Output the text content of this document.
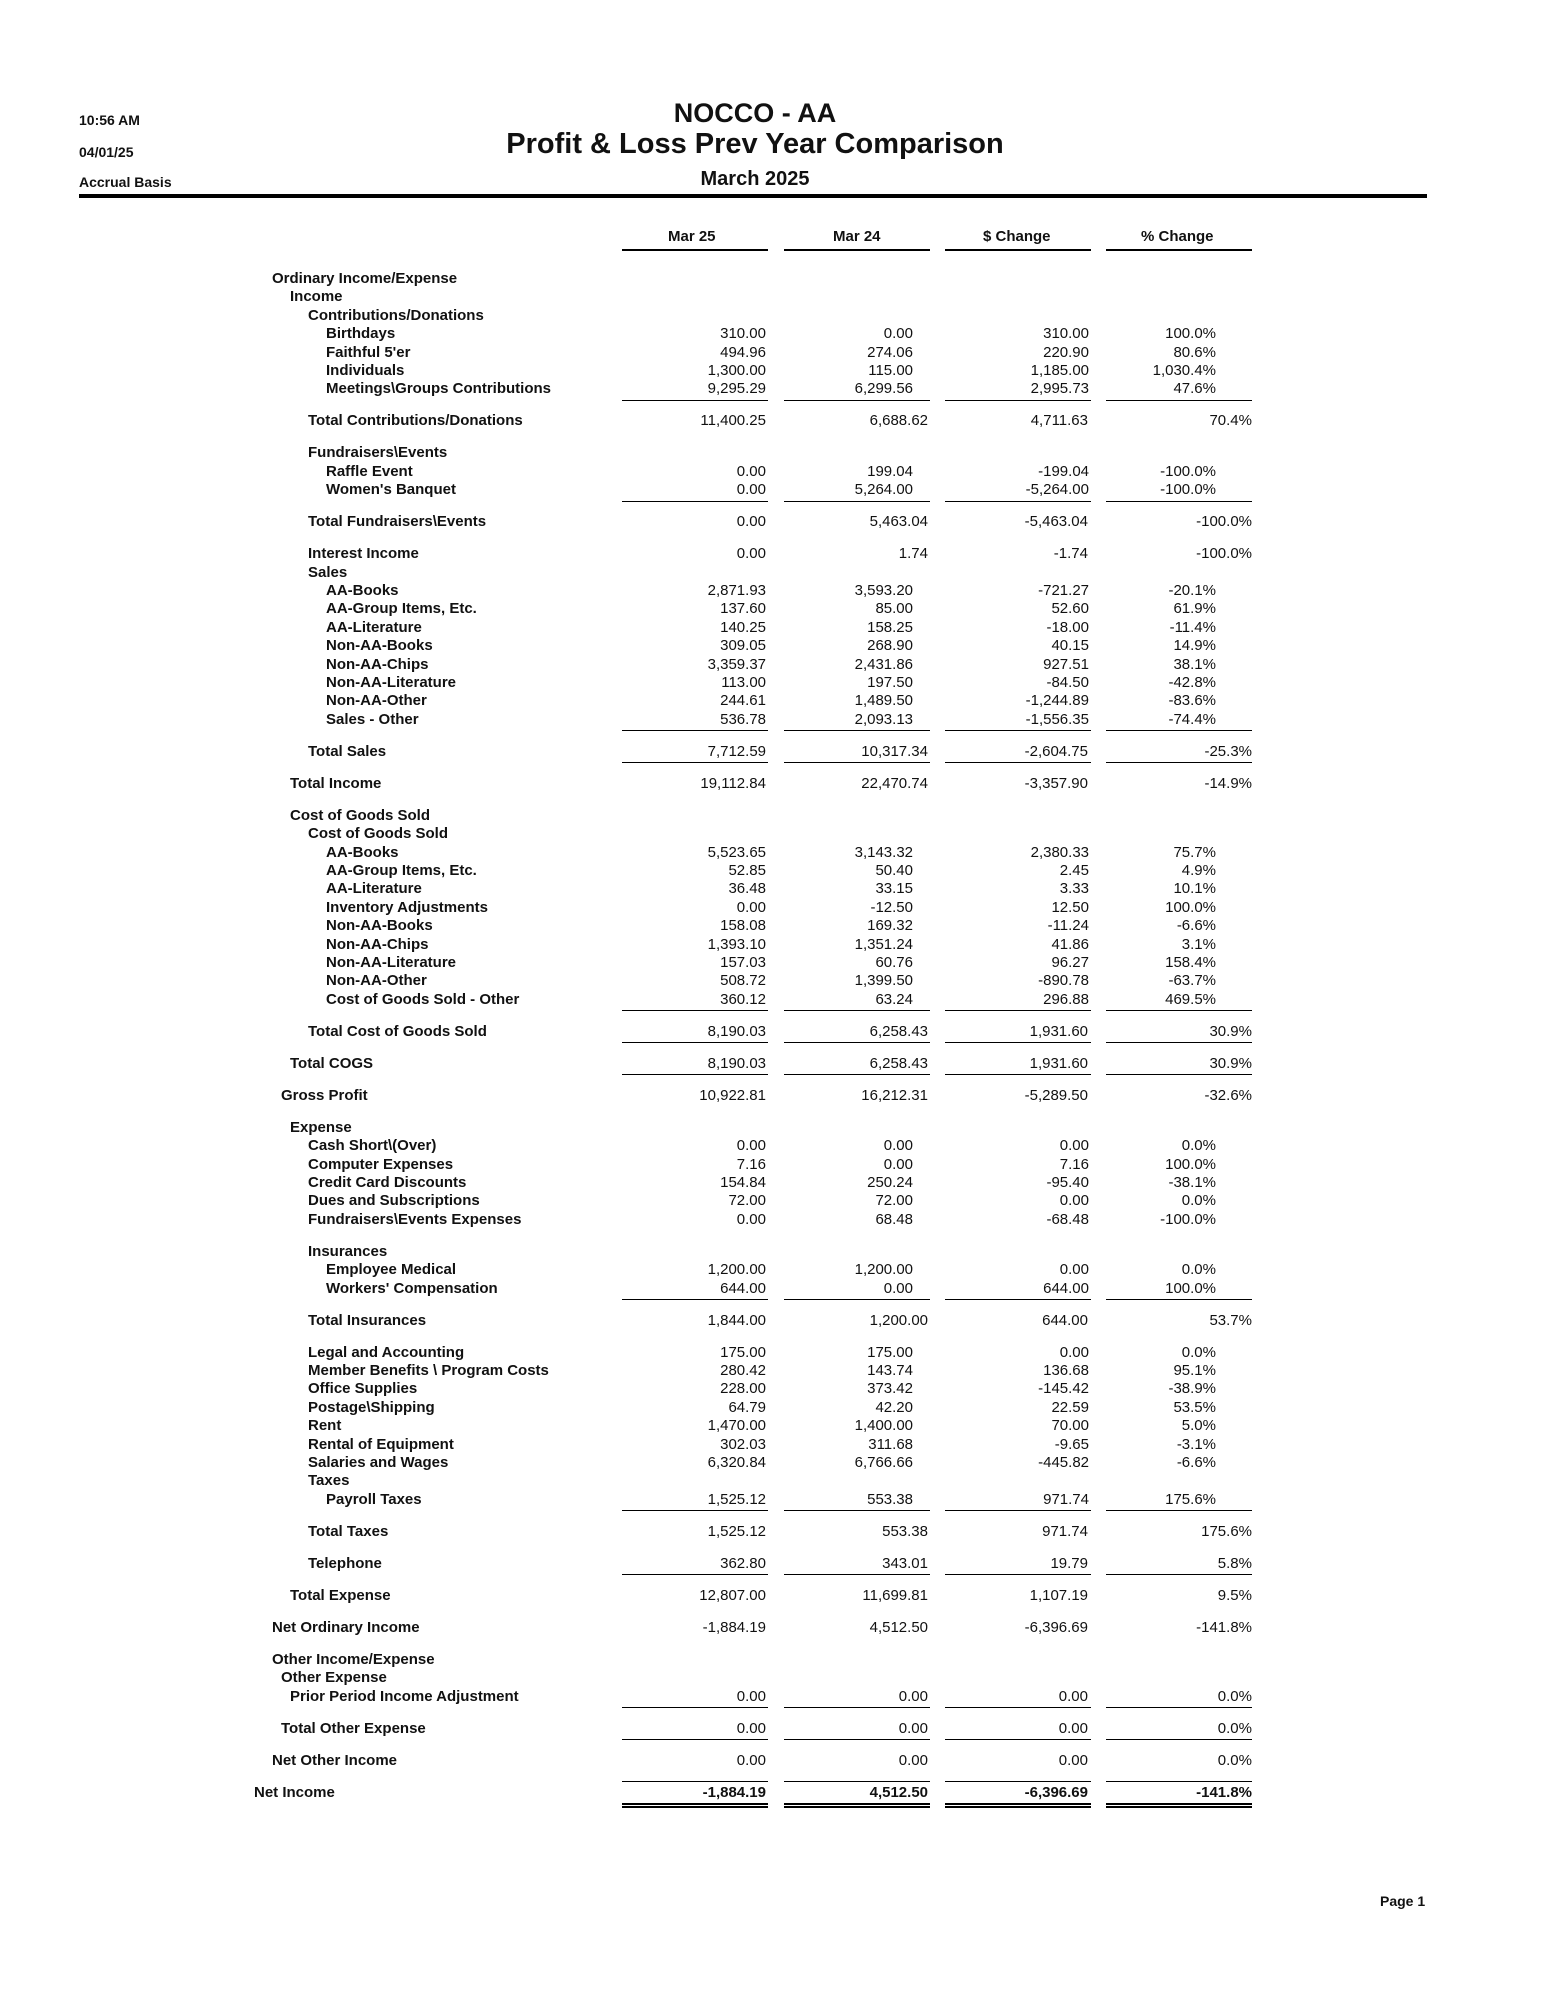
10:56 AM
04/01/25
Accrual Basis
NOCCO - AA
Profit & Loss Prev Year Comparison
March 2025
Mar 25	Mar 24	$ Change	% Change
Ordinary Income/Expense
Income
Contributions/Donations
Birthdays	310.00	0.00	310.00	100.0%
Faithful 5'er	494.96	274.06	220.90	80.6%
Individuals	1,300.00	115.00	1,185.00	1,030.4%
Meetings\Groups Contributions	9,295.29	6,299.56	2,995.73	47.6%
Total Contributions/Donations	11,400.25	6,688.62	4,711.63	70.4%
Fundraisers\Events
Raffle Event	0.00	199.04	-199.04	-100.0%
Women's Banquet	0.00	5,264.00	-5,264.00	-100.0%
Total Fundraisers\Events	0.00	5,463.04	-5,463.04	-100.0%
Interest Income	0.00	1.74	-1.74	-100.0%
Sales
AA-Books	2,871.93	3,593.20	-721.27	-20.1%
AA-Group Items, Etc.	137.60	85.00	52.60	61.9%
AA-Literature	140.25	158.25	-18.00	-11.4%
Non-AA-Books	309.05	268.90	40.15	14.9%
Non-AA-Chips	3,359.37	2,431.86	927.51	38.1%
Non-AA-Literature	113.00	197.50	-84.50	-42.8%
Non-AA-Other	244.61	1,489.50	-1,244.89	-83.6%
Sales - Other	536.78	2,093.13	-1,556.35	-74.4%
Total Sales	7,712.59	10,317.34	-2,604.75	-25.3%
Total Income	19,112.84	22,470.74	-3,357.90	-14.9%
Cost of Goods Sold
Cost of Goods Sold
AA-Books	5,523.65	3,143.32	2,380.33	75.7%
AA-Group Items, Etc.	52.85	50.40	2.45	4.9%
AA-Literature	36.48	33.15	3.33	10.1%
Inventory Adjustments	0.00	-12.50	12.50	100.0%
Non-AA-Books	158.08	169.32	-11.24	-6.6%
Non-AA-Chips	1,393.10	1,351.24	41.86	3.1%
Non-AA-Literature	157.03	60.76	96.27	158.4%
Non-AA-Other	508.72	1,399.50	-890.78	-63.7%
Cost of Goods Sold - Other	360.12	63.24	296.88	469.5%
Total Cost of Goods Sold	8,190.03	6,258.43	1,931.60	30.9%
Total COGS	8,190.03	6,258.43	1,931.60	30.9%
Gross Profit	10,922.81	16,212.31	-5,289.50	-32.6%
Expense
Cash Short\(Over)	0.00	0.00	0.00	0.0%
Computer Expenses	7.16	0.00	7.16	100.0%
Credit Card Discounts	154.84	250.24	-95.40	-38.1%
Dues and Subscriptions	72.00	72.00	0.00	0.0%
Fundraisers\Events Expenses	0.00	68.48	-68.48	-100.0%
Insurances
Employee Medical	1,200.00	1,200.00	0.00	0.0%
Workers' Compensation	644.00	0.00	644.00	100.0%
Total Insurances	1,844.00	1,200.00	644.00	53.7%
Legal and Accounting	175.00	175.00	0.00	0.0%
Member Benefits \ Program Costs	280.42	143.74	136.68	95.1%
Office Supplies	228.00	373.42	-145.42	-38.9%
Postage\Shipping	64.79	42.20	22.59	53.5%
Rent	1,470.00	1,400.00	70.00	5.0%
Rental of Equipment	302.03	311.68	-9.65	-3.1%
Salaries and Wages	6,320.84	6,766.66	-445.82	-6.6%
Taxes
Payroll Taxes	1,525.12	553.38	971.74	175.6%
Total Taxes	1,525.12	553.38	971.74	175.6%
Telephone	362.80	343.01	19.79	5.8%
Total Expense	12,807.00	11,699.81	1,107.19	9.5%
Net Ordinary Income	-1,884.19	4,512.50	-6,396.69	-141.8%
Other Income/Expense
Other Expense
Prior Period Income Adjustment	0.00	0.00	0.00	0.0%
Total Other Expense	0.00	0.00	0.00	0.0%
Net Other Income	0.00	0.00	0.00	0.0%
Net Income	-1,884.19	4,512.50	-6,396.69	-141.8%
Page 1
